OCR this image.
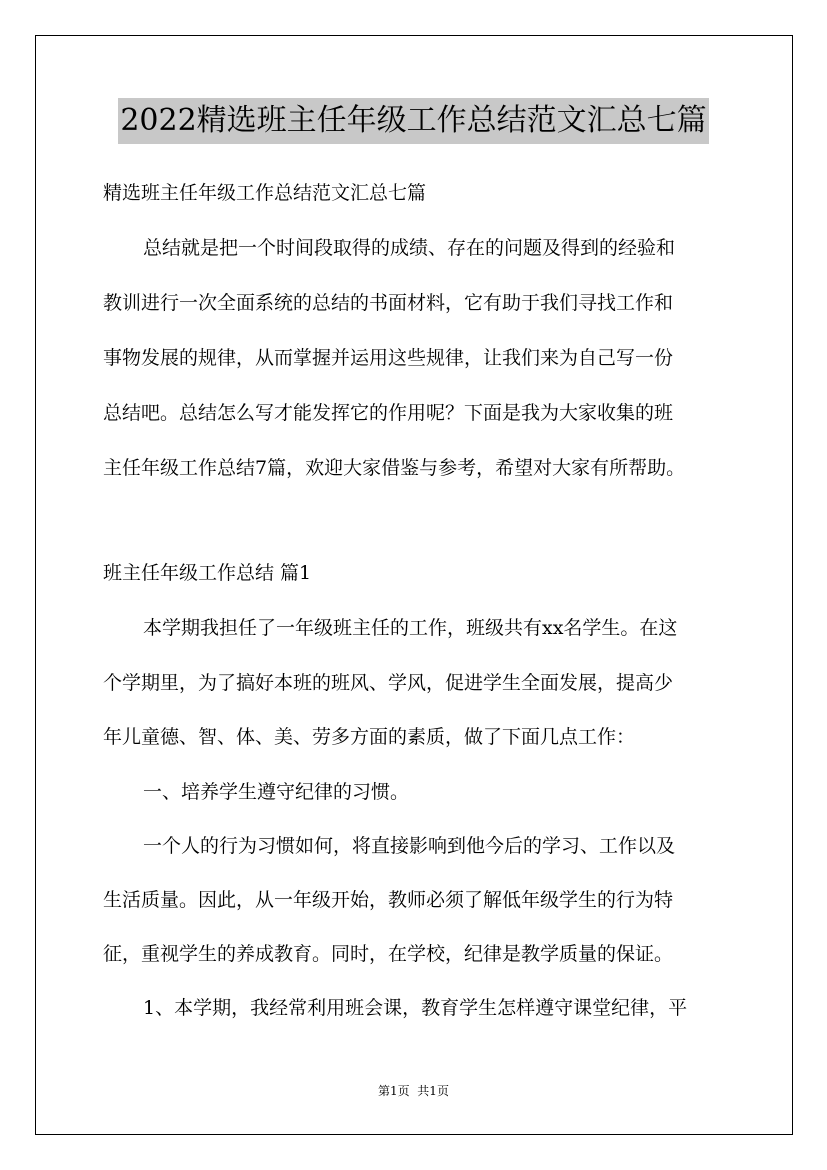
2022精选班主任年级工作总结范文汇总七篇
精选班主任年级工作总结范文汇总七篇
总结就是把一个时间段取得的成绩、存在的问题及得到的经验和
教训进行一次全面系统的总结的书面材料，它有助于我们寻找工作和
事物发展的规律，从而掌握并运用这些规律，让我们来为自己写一份
总结吧。总结怎么写才能发挥它的作用呢？下面是我为大家收集的班
主任年级工作总结7篇，欢迎大家借鉴与参考，希望对大家有所帮助。
班主任年级工作总结 篇1
本学期我担任了一年级班主任的工作，班级共有xx名学生。在这
个学期里，为了搞好本班的班风、学风，促进学生全面发展，提高少
年儿童德、智、体、美、劳多方面的素质，做了下面几点工作：
一、培养学生遵守纪律的习惯。
一个人的行为习惯如何，将直接影响到他今后的学习、工作以及
生活质量。因此，从一年级开始，教师必须了解低年级学生的行为特
征，重视学生的养成教育。同时，在学校，纪律是教学质量的保证。
1、本学期，我经常利用班会课，教育学生怎样遵守课堂纪律，平
第1页  共1页
